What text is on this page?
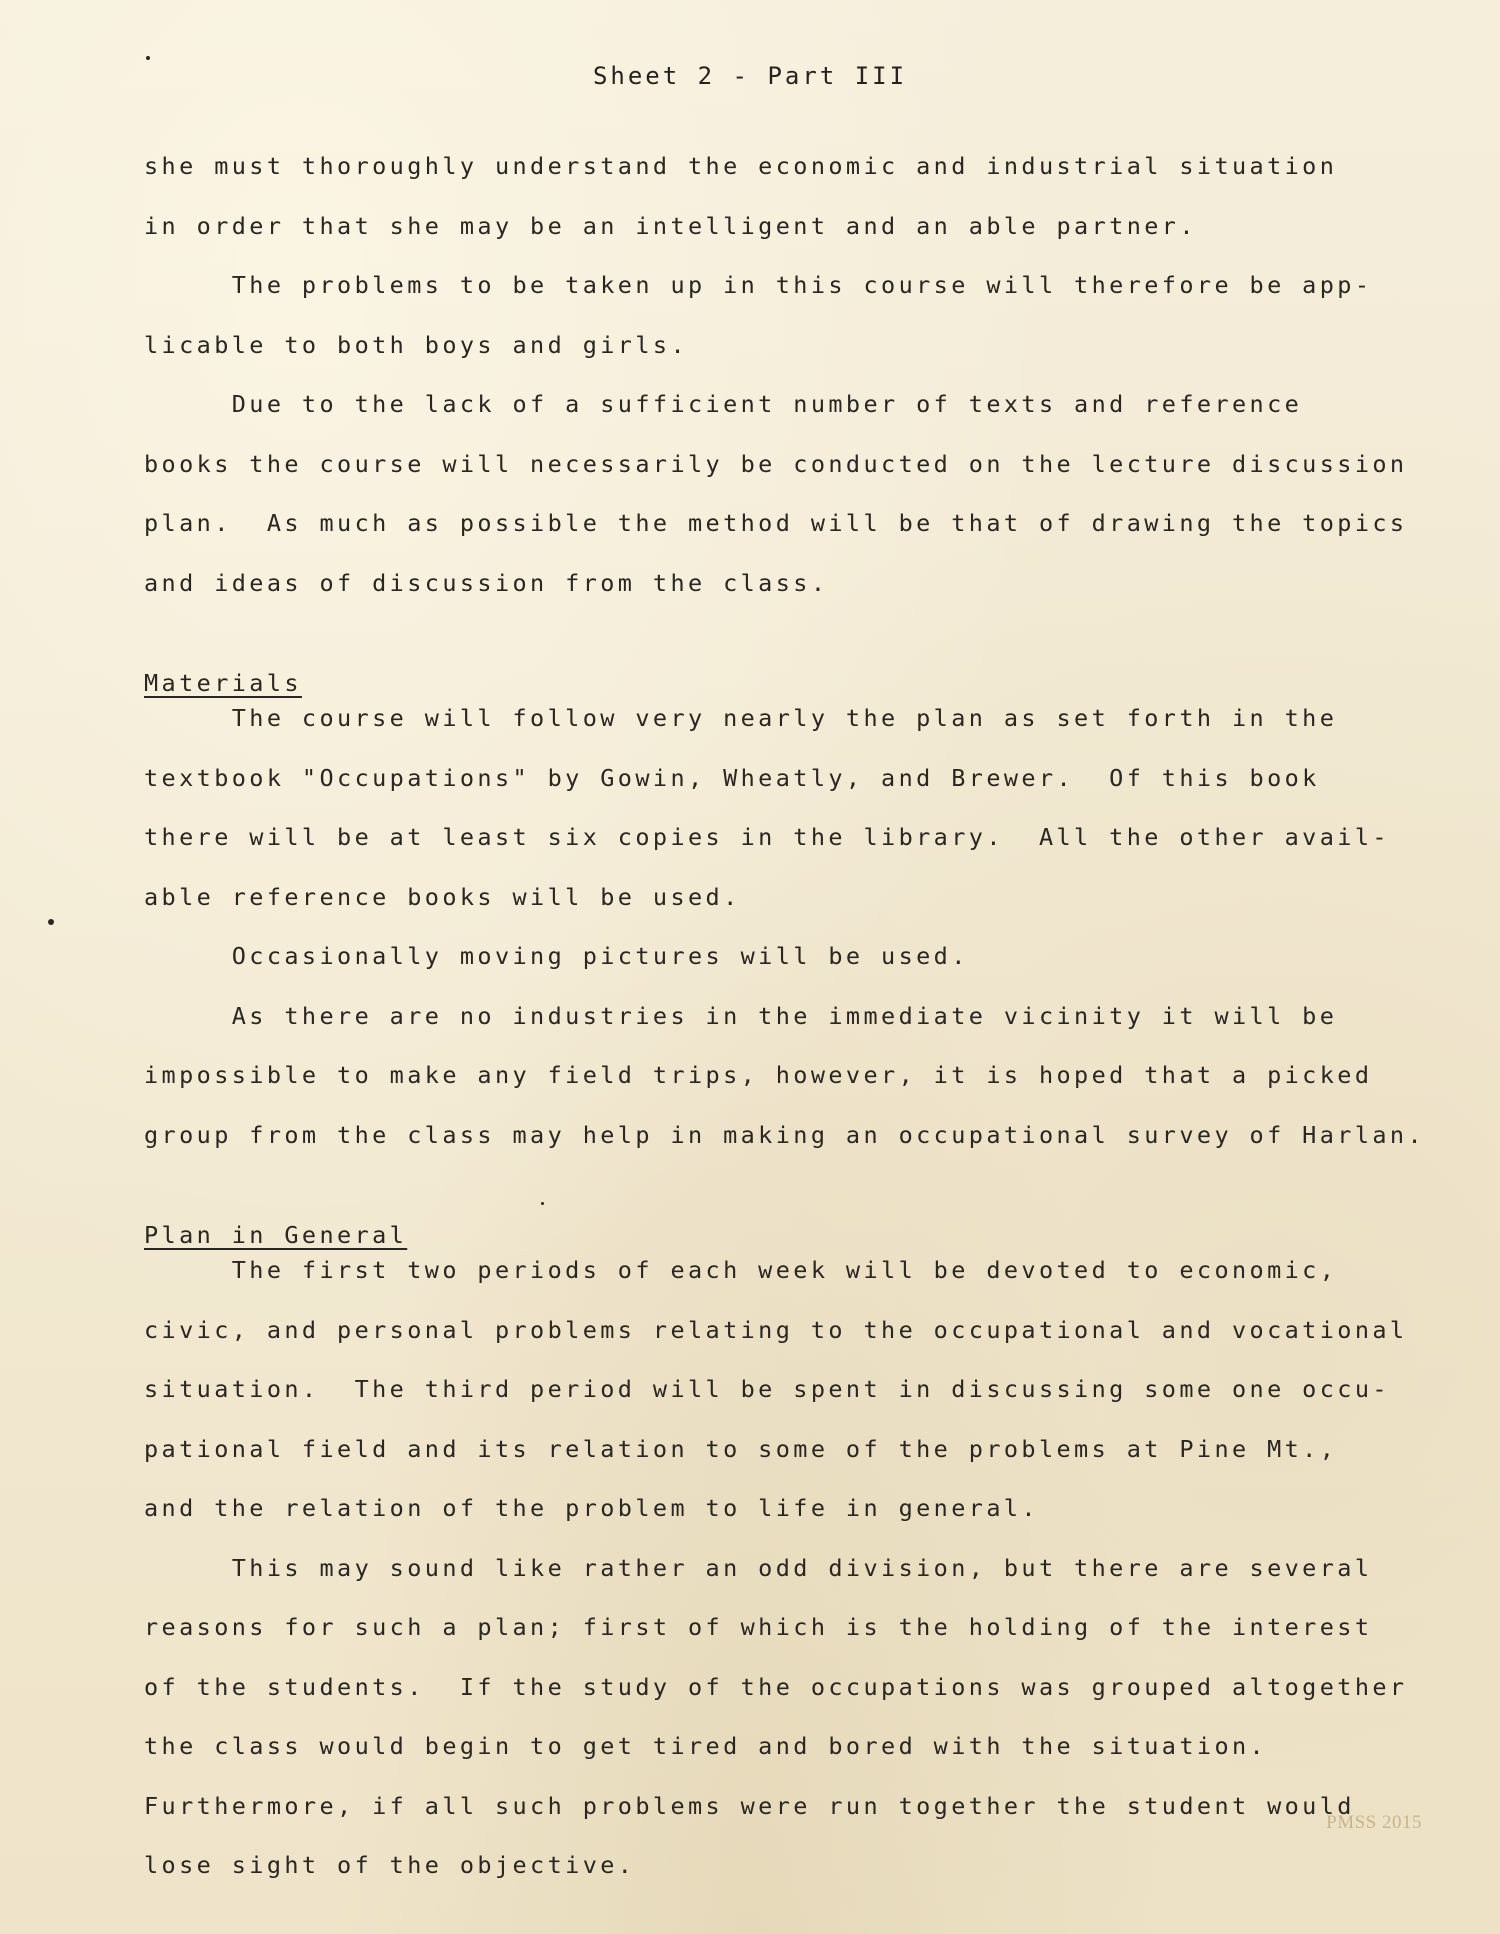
Sheet 2 - Part III
she must thoroughly understand the economic and industrial situation
in order that she may be an intelligent and an able partner.
The problems to be taken up in this course will therefore be app-
licable to both boys and girls.
Due to the lack of a sufficient number of texts and reference
books the course will necessarily be conducted on the lecture discussion
plan.  As much as possible the method will be that of drawing the topics
and ideas of discussion from the class.
Materials
The course will follow very nearly the plan as set forth in the
textbook "Occupations" by Gowin, Wheatly, and Brewer.  Of this book
there will be at least six copies in the library.  All the other avail-
able reference books will be used.
Occasionally moving pictures will be used.
As there are no industries in the immediate vicinity it will be
impossible to make any field trips, however, it is hoped that a picked
group from the class may help in making an occupational survey of Harlan.
Plan in General
The first two periods of each week will be devoted to economic,
civic, and personal problems relating to the occupational and vocational
situation.  The third period will be spent in discussing some one occu-
pational field and its relation to some of the problems at Pine Mt.,
and the relation of the problem to life in general.
This may sound like rather an odd division, but there are several
reasons for such a plan; first of which is the holding of the interest
of the students.  If the study of the occupations was grouped altogether
the class would begin to get tired and bored with the situation.
Furthermore, if all such problems were run together the student would
lose sight of the objective.
PMSS 2015
